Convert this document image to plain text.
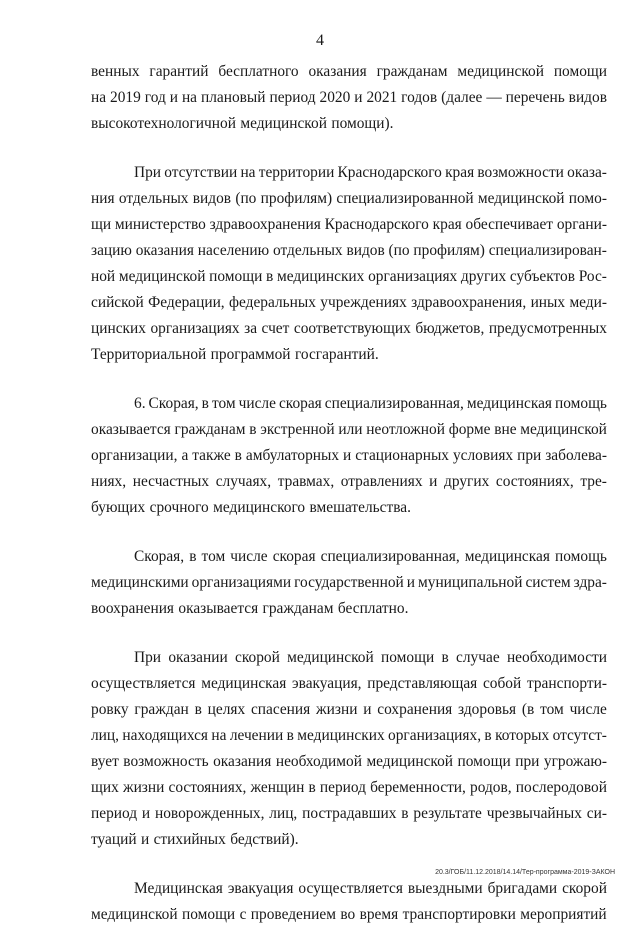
4
венных гарантий бесплатного оказания гражданам медицинской помощи
на 2019 год и на плановый период 2020 и 2021 годов (далее — перечень видов
высокотехнологичной медицинской помощи).
При отсутствии на территории Краснодарского края возможности оказа-
ния отдельных видов (по профилям) специализированной медицинской помо-
щи министерство здравоохранения Краснодарского края обеспечивает органи-
зацию оказания населению отдельных видов (по профилям) специализирован-
ной медицинской помощи в медицинских организациях других субъектов Рос-
сийской Федерации, федеральных учреждениях здравоохранения, иных меди-
цинских организациях за счет соответствующих бюджетов, предусмотренных
Территориальной программой госгарантий.
6. Скорая, в том числе скорая специализированная, медицинская помощь
оказывается гражданам в экстренной или неотложной форме вне медицинской
организации, а также в амбулаторных и стационарных условиях при заболева-
ниях, несчастных случаях, травмах, отравлениях и других состояниях, тре-
бующих срочного медицинского вмешательства.
Скорая, в том числе скорая специализированная, медицинская помощь
медицинскими организациями государственной и муниципальной систем здра-
воохранения оказывается гражданам бесплатно.
При оказании скорой медицинской помощи в случае необходимости
осуществляется медицинская эвакуация, представляющая собой транспорти-
ровку граждан в целях спасения жизни и сохранения здоровья (в том числе
лиц, находящихся на лечении в медицинских организациях, в которых отсутст-
вует возможность оказания необходимой медицинской помощи при угрожаю-
щих жизни состояниях, женщин в период беременности, родов, послеродовой
период и новорожденных, лиц, пострадавших в результате чрезвычайных си-
туаций и стихийных бедствий).
Медицинская эвакуация осуществляется выездными бригадами скорой
медицинской помощи с проведением во время транспортировки мероприятий
20.3/ГОБ/11.12.2018/14.14/Тер-программа-2019-ЗАКОН
